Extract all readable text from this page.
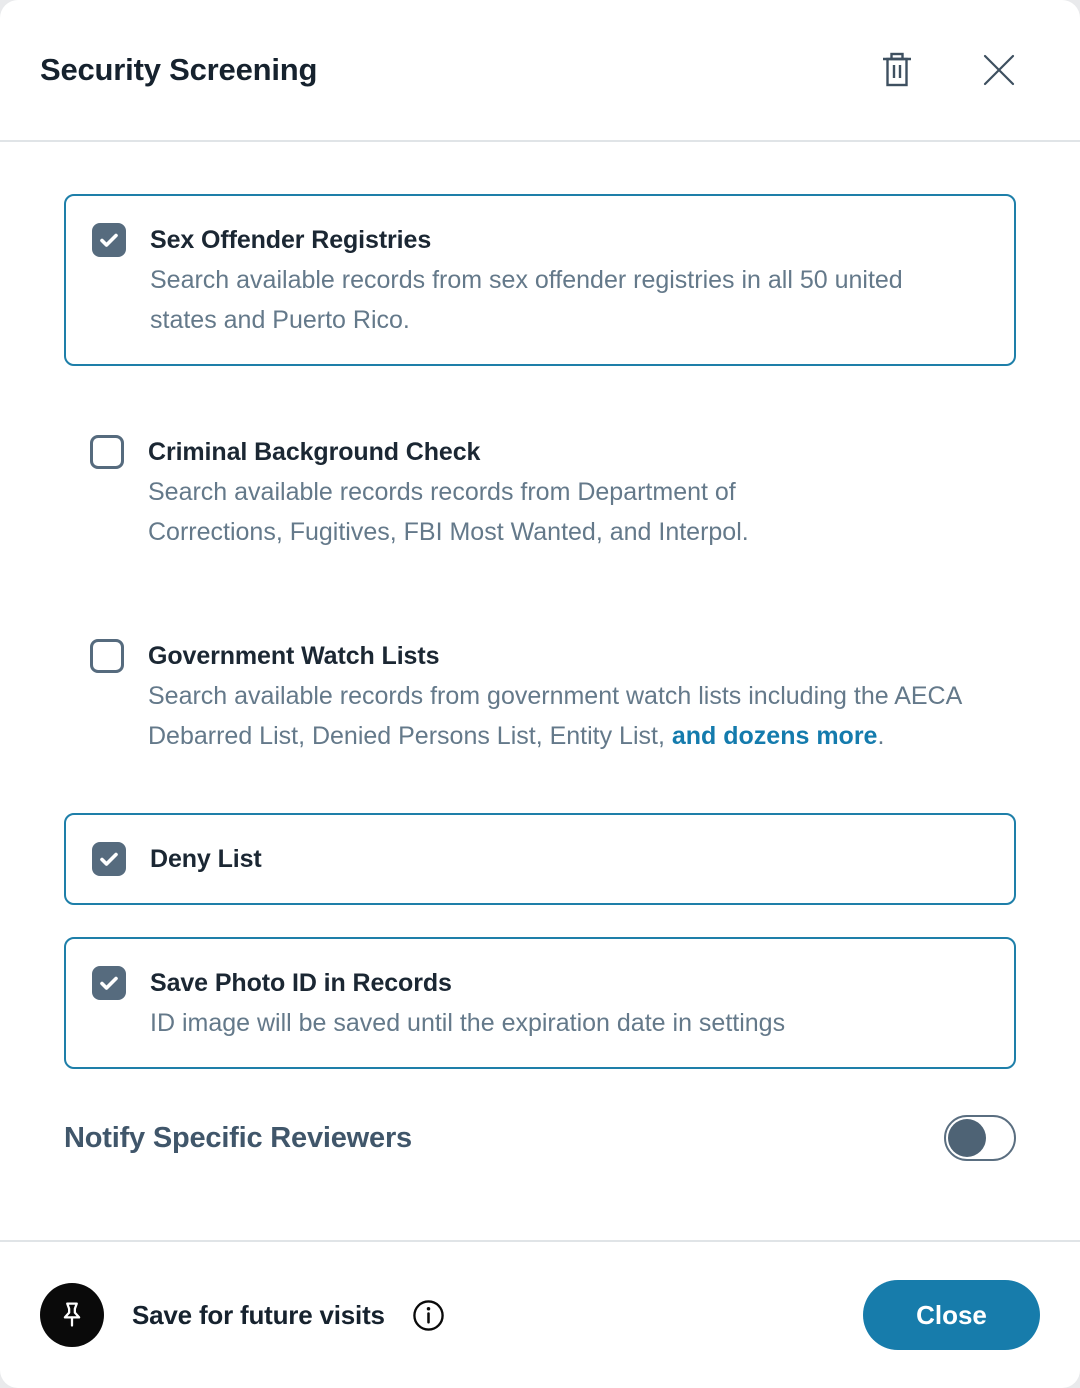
Security Screening
Sex Offender Registries
Search available records from sex offender registries in all 50 united states and Puerto Rico.
Criminal Background Check
Search available records records from Department of Corrections, Fugitives, FBI Most Wanted, and Interpol.
Government Watch Lists
Search available records from government watch lists including the AECA Debarred List, Denied Persons List, Entity List, and dozens more.
Deny List
Save Photo ID in Records
ID image will be saved until the expiration date in settings
Notify Specific Reviewers
Save for future visits	Close
